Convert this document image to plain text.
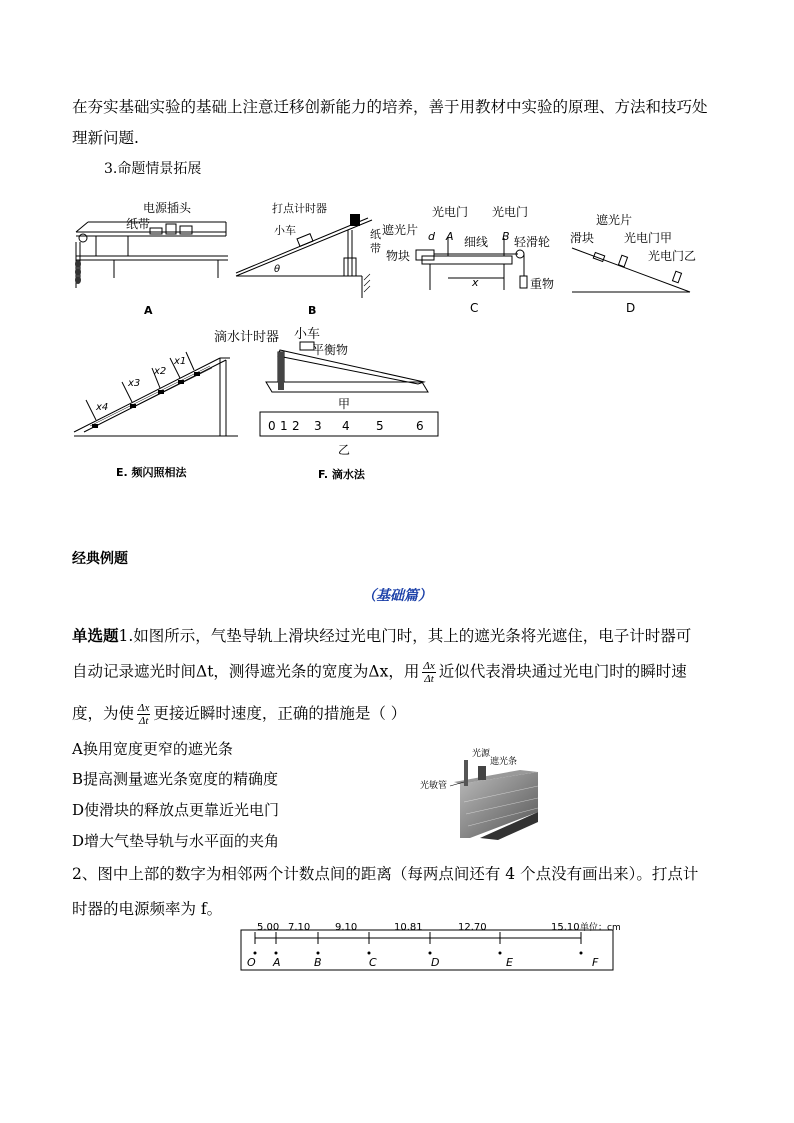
在夯实基础实验的基础上注意迁移创新能力的培养，善于用教材中实验的原理、方法和技巧处
理新问题.
3.命题情景拓展
电源插头
纸带
A
打点计时器
小车	纸
带
θ
B
光电门 光电门
遮光片 d A	B
细线 轻滑轮
物块
x	重物
C
遮光片
滑块 光电门甲
光电门乙
D
x4
x3
x2
x1
E. 频闪照相法
小车
平衡物
甲
0 1 2 3 4 5	6
乙
F. 滴水法
滴水计时器
经典例题
（基础篇）
单选题1.如图所示，气垫导轨上滑块经过光电门时，其上的遮光条将光遮住，电子计时器可
自动记录遮光时间Δt，测得遮光条的宽度为Δx，用 $\frac{\Delta x}{\Delta t}$ 近似代表滑块通过光电门时的瞬时速
度，为使 $\frac{\Delta x}{\Delta t}$ 更接近瞬时速度，正确的措施是（ ）
A换用宽度更窄的遮光条
B提高测量遮光条宽度的精确度
D使滑块的释放点更靠近光电门
D增大气垫导轨与水平面的夹角
光源
遮光条
光敏管
2、图中上部的数字为相邻两个计数点间的距离（每两点间还有 4 个点没有画出来）。打点计
时器的电源频率为 f。
5.00 7.10 9.10	10.81	12.70	15.10 单位：cm
O A	B	C	D	E	F
